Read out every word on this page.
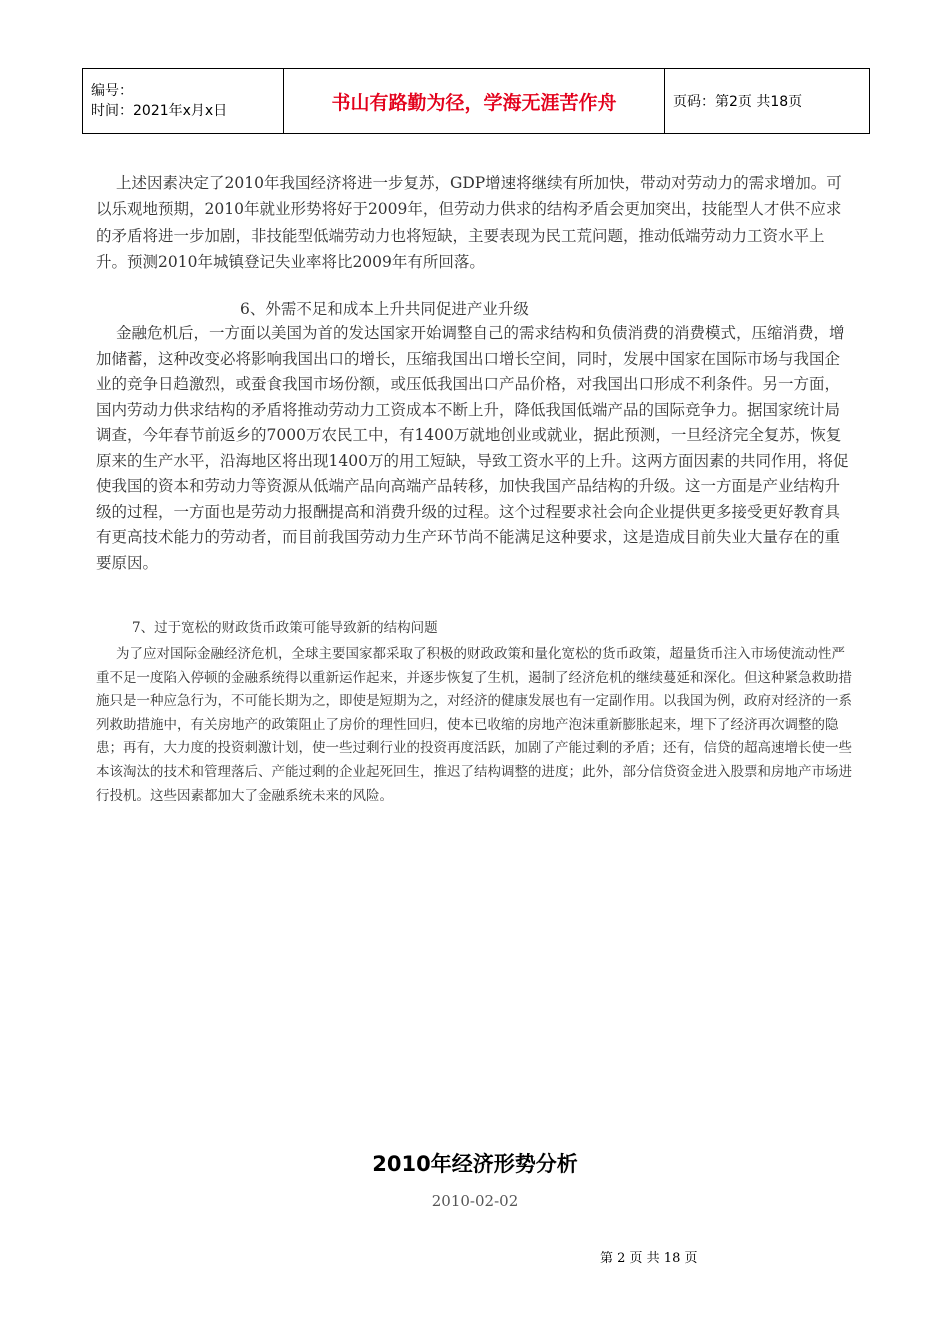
编号：
时间：2021年x月x日	书山有路勤为径，学海无涯苦作舟	页码：第2页 共18页

上述因素决定了2010年我国经济将进一步复苏，GDP增速将继续有所加快，带动对劳动力的需求增加。可以乐观地预期，2010年就业形势将好于2009年，但劳动力供求的结构矛盾会更加突出，技能型人才供不应求的矛盾将进一步加剧，非技能型低端劳动力也将短缺，主要表现为民工荒问题，推动低端劳动力工资水平上升。预测2010年城镇登记失业率将比2009年有所回落。

6、外需不足和成本上升共同促进产业升级

金融危机后，一方面以美国为首的发达国家开始调整自己的需求结构和负债消费的消费模式，压缩消费，增加储蓄，这种改变必将影响我国出口的增长，压缩我国出口增长空间，同时，发展中国家在国际市场与我国企业的竞争日趋激烈，或蚕食我国市场份额，或压低我国出口产品价格，对我国出口形成不利条件。另一方面，国内劳动力供求结构的矛盾将推动劳动力工资成本不断上升，降低我国低端产品的国际竞争力。据国家统计局调查，今年春节前返乡的7000万农民工中，有1400万就地创业或就业，据此预测，一旦经济完全复苏，恢复原来的生产水平，沿海地区将出现1400万的用工短缺，导致工资水平的上升。这两方面因素的共同作用，将促使我国的资本和劳动力等资源从低端产品向高端产品转移，加快我国产品结构的升级。这一方面是产业结构升级的过程，一方面也是劳动力报酬提高和消费升级的过程。这个过程要求社会向企业提供更多接受更好教育具有更高技术能力的劳动者，而目前我国劳动力生产环节尚不能满足这种要求，这是造成目前失业大量存在的重要原因。

7、过于宽松的财政货币政策可能导致新的结构问题

为了应对国际金融经济危机，全球主要国家都采取了积极的财政政策和量化宽松的货币政策，超量货币注入市场使流动性严重不足一度陷入停顿的金融系统得以重新运作起来，并逐步恢复了生机，遏制了经济危机的继续蔓延和深化。但这种紧急救助措施只是一种应急行为，不可能长期为之，即使是短期为之，对经济的健康发展也有一定副作用。以我国为例，政府对经济的一系列救助措施中，有关房地产的政策阻止了房价的理性回归，使本已收缩的房地产泡沫重新膨胀起来，埋下了经济再次调整的隐患；再有，大力度的投资刺激计划，使一些过剩行业的投资再度活跃，加剧了产能过剩的矛盾；还有，信贷的超高速增长使一些本该淘汰的技术和管理落后、产能过剩的企业起死回生，推迟了结构调整的进度；此外，部分信贷资金进入股票和房地产市场进行投机。这些因素都加大了金融系统未来的风险。

2010年经济形势分析
2010-02-02
第 2 页 共 18 页
